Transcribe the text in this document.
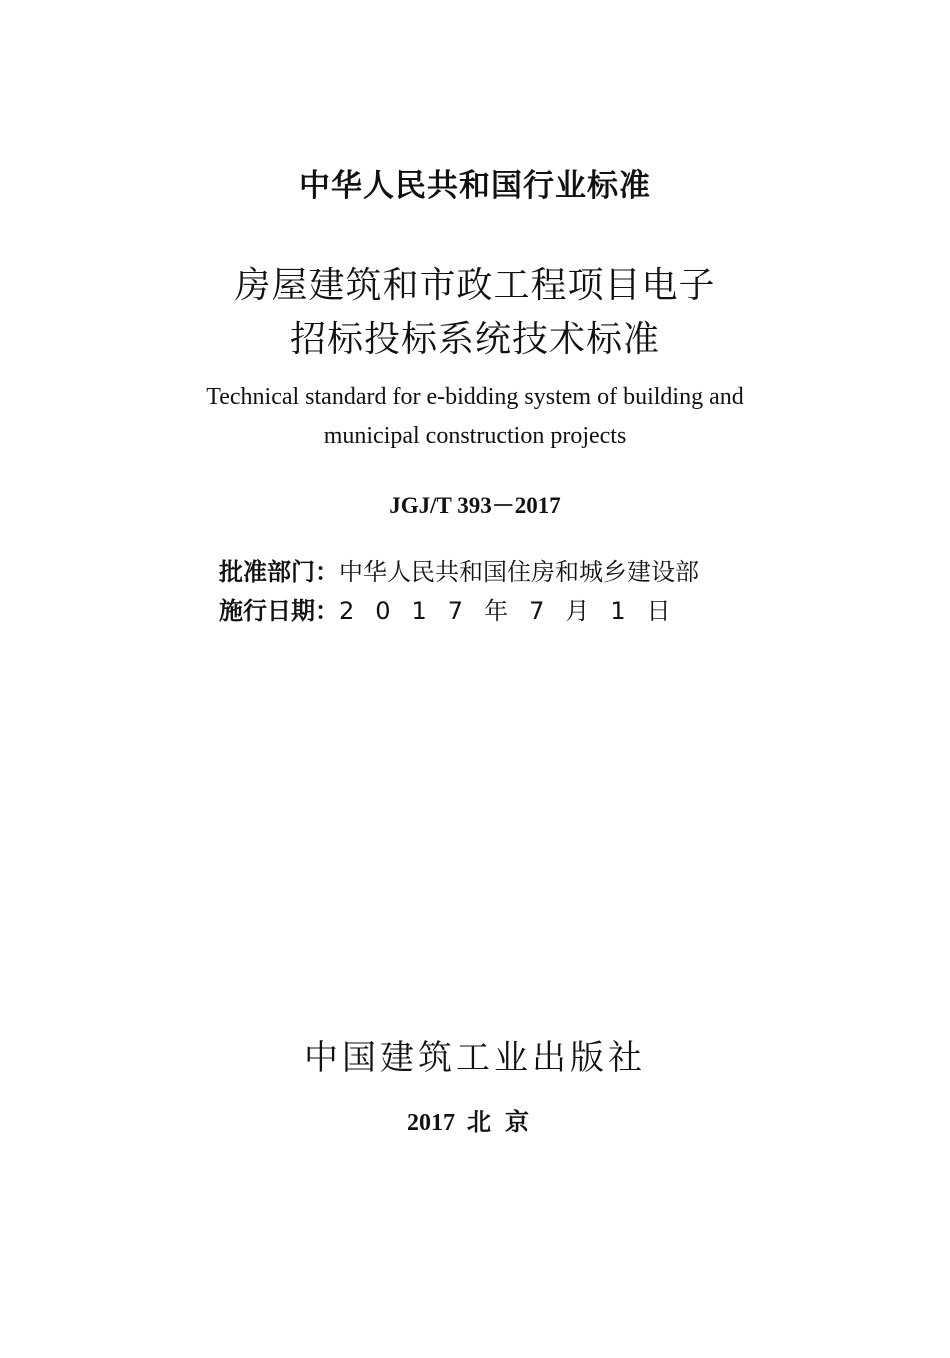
中华人民共和国行业标准
房屋建筑和市政工程项目电子
招标投标系统技术标准
Technical standard for e-bidding system of building and
municipal construction projects
JGJ/T 393－2017
批准部门：中华人民共和国住房和城乡建设部
施行日期：2017年7月1日
中国建筑工业出版社
2017 北京
